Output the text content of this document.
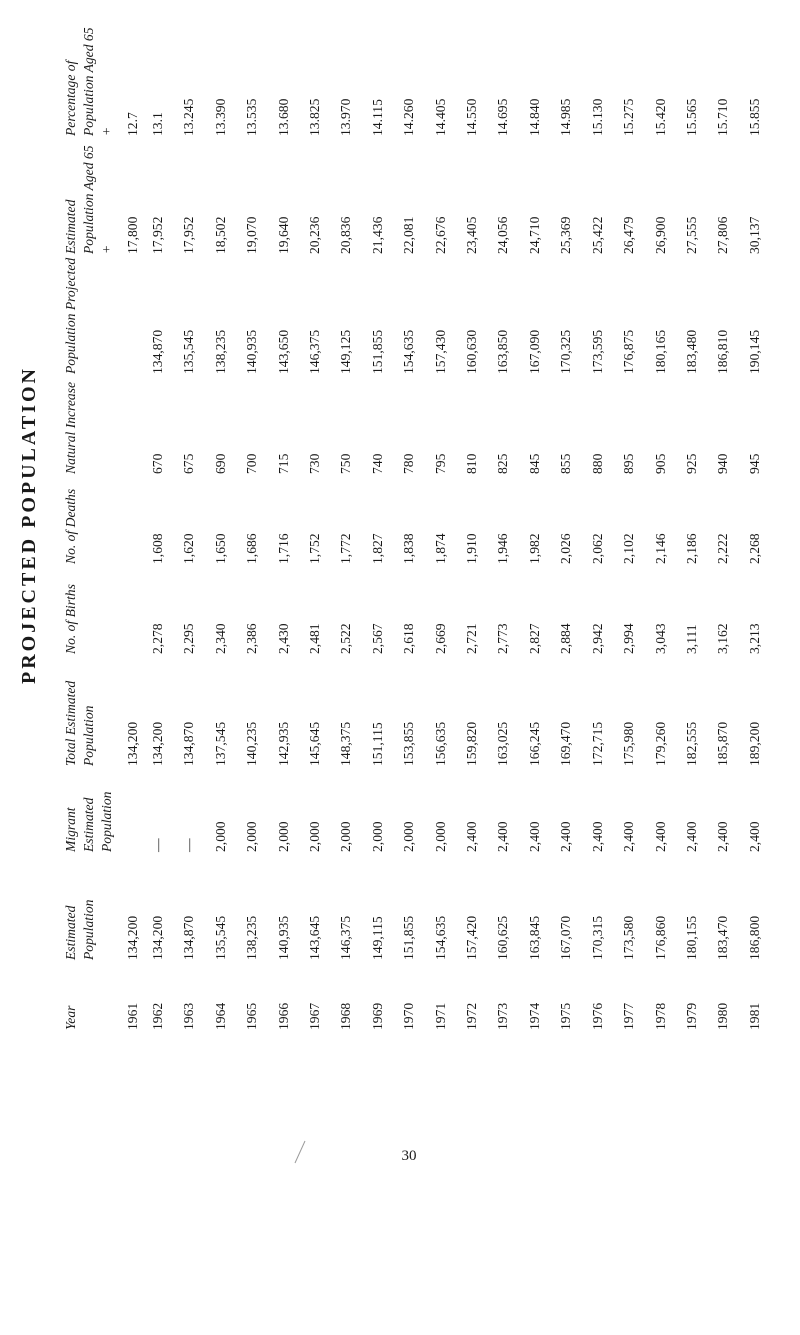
PROJECTED POPULATION
Year	Estimated Population	Migrant Estimated Population	Total Estimated Population	No. of Births	No. of Deaths	Natural Increase	Population Projected	Estimated Population Aged 65 +	Percentage of Population Aged 65 +
1961	134,200		134,200					17,800	12.7
1962	134,200	—	134,200	2,278	1,608	670	134,870	17,952	13.1
1963	134,870	—	134,870	2,295	1,620	675	135,545	17,952	13.245
1964	135,545	2,000	137,545	2,340	1,650	690	138,235	18,502	13.390
1965	138,235	2,000	140,235	2,386	1,686	700	140,935	19,070	13.535
1966	140,935	2,000	142,935	2,430	1,716	715	143,650	19,640	13.680
1967	143,645	2,000	145,645	2,481	1,752	730	146,375	20,236	13.825
1968	146,375	2,000	148,375	2,522	1,772	750	149,125	20,836	13.970
1969	149,115	2,000	151,115	2,567	1,827	740	151,855	21,436	14.115
1970	151,855	2,000	153,855	2,618	1,838	780	154,635	22,081	14.260
1971	154,635	2,000	156,635	2,669	1,874	795	157,430	22,676	14.405
1972	157,420	2,400	159,820	2,721	1,910	810	160,630	23,405	14.550
1973	160,625	2,400	163,025	2,773	1,946	825	163,850	24,056	14.695
1974	163,845	2,400	166,245	2,827	1,982	845	167,090	24,710	14.840
1975	167,070	2,400	169,470	2,884	2,026	855	170,325	25,369	14.985
1976	170,315	2,400	172,715	2,942	2,062	880	173,595	25,422	15.130
1977	173,580	2,400	175,980	2,994	2,102	895	176,875	26,479	15.275
1978	176,860	2,400	179,260	3,043	2,146	905	180,165	26,900	15.420
1979	180,155	2,400	182,555	3,111	2,186	925	183,480	27,555	15.565
1980	183,470	2,400	185,870	3,162	2,222	940	186,810	27,806	15.710
1981	186,800	2,400	189,200	3,213	2,268	945	190,145	30,137	15.855
30
